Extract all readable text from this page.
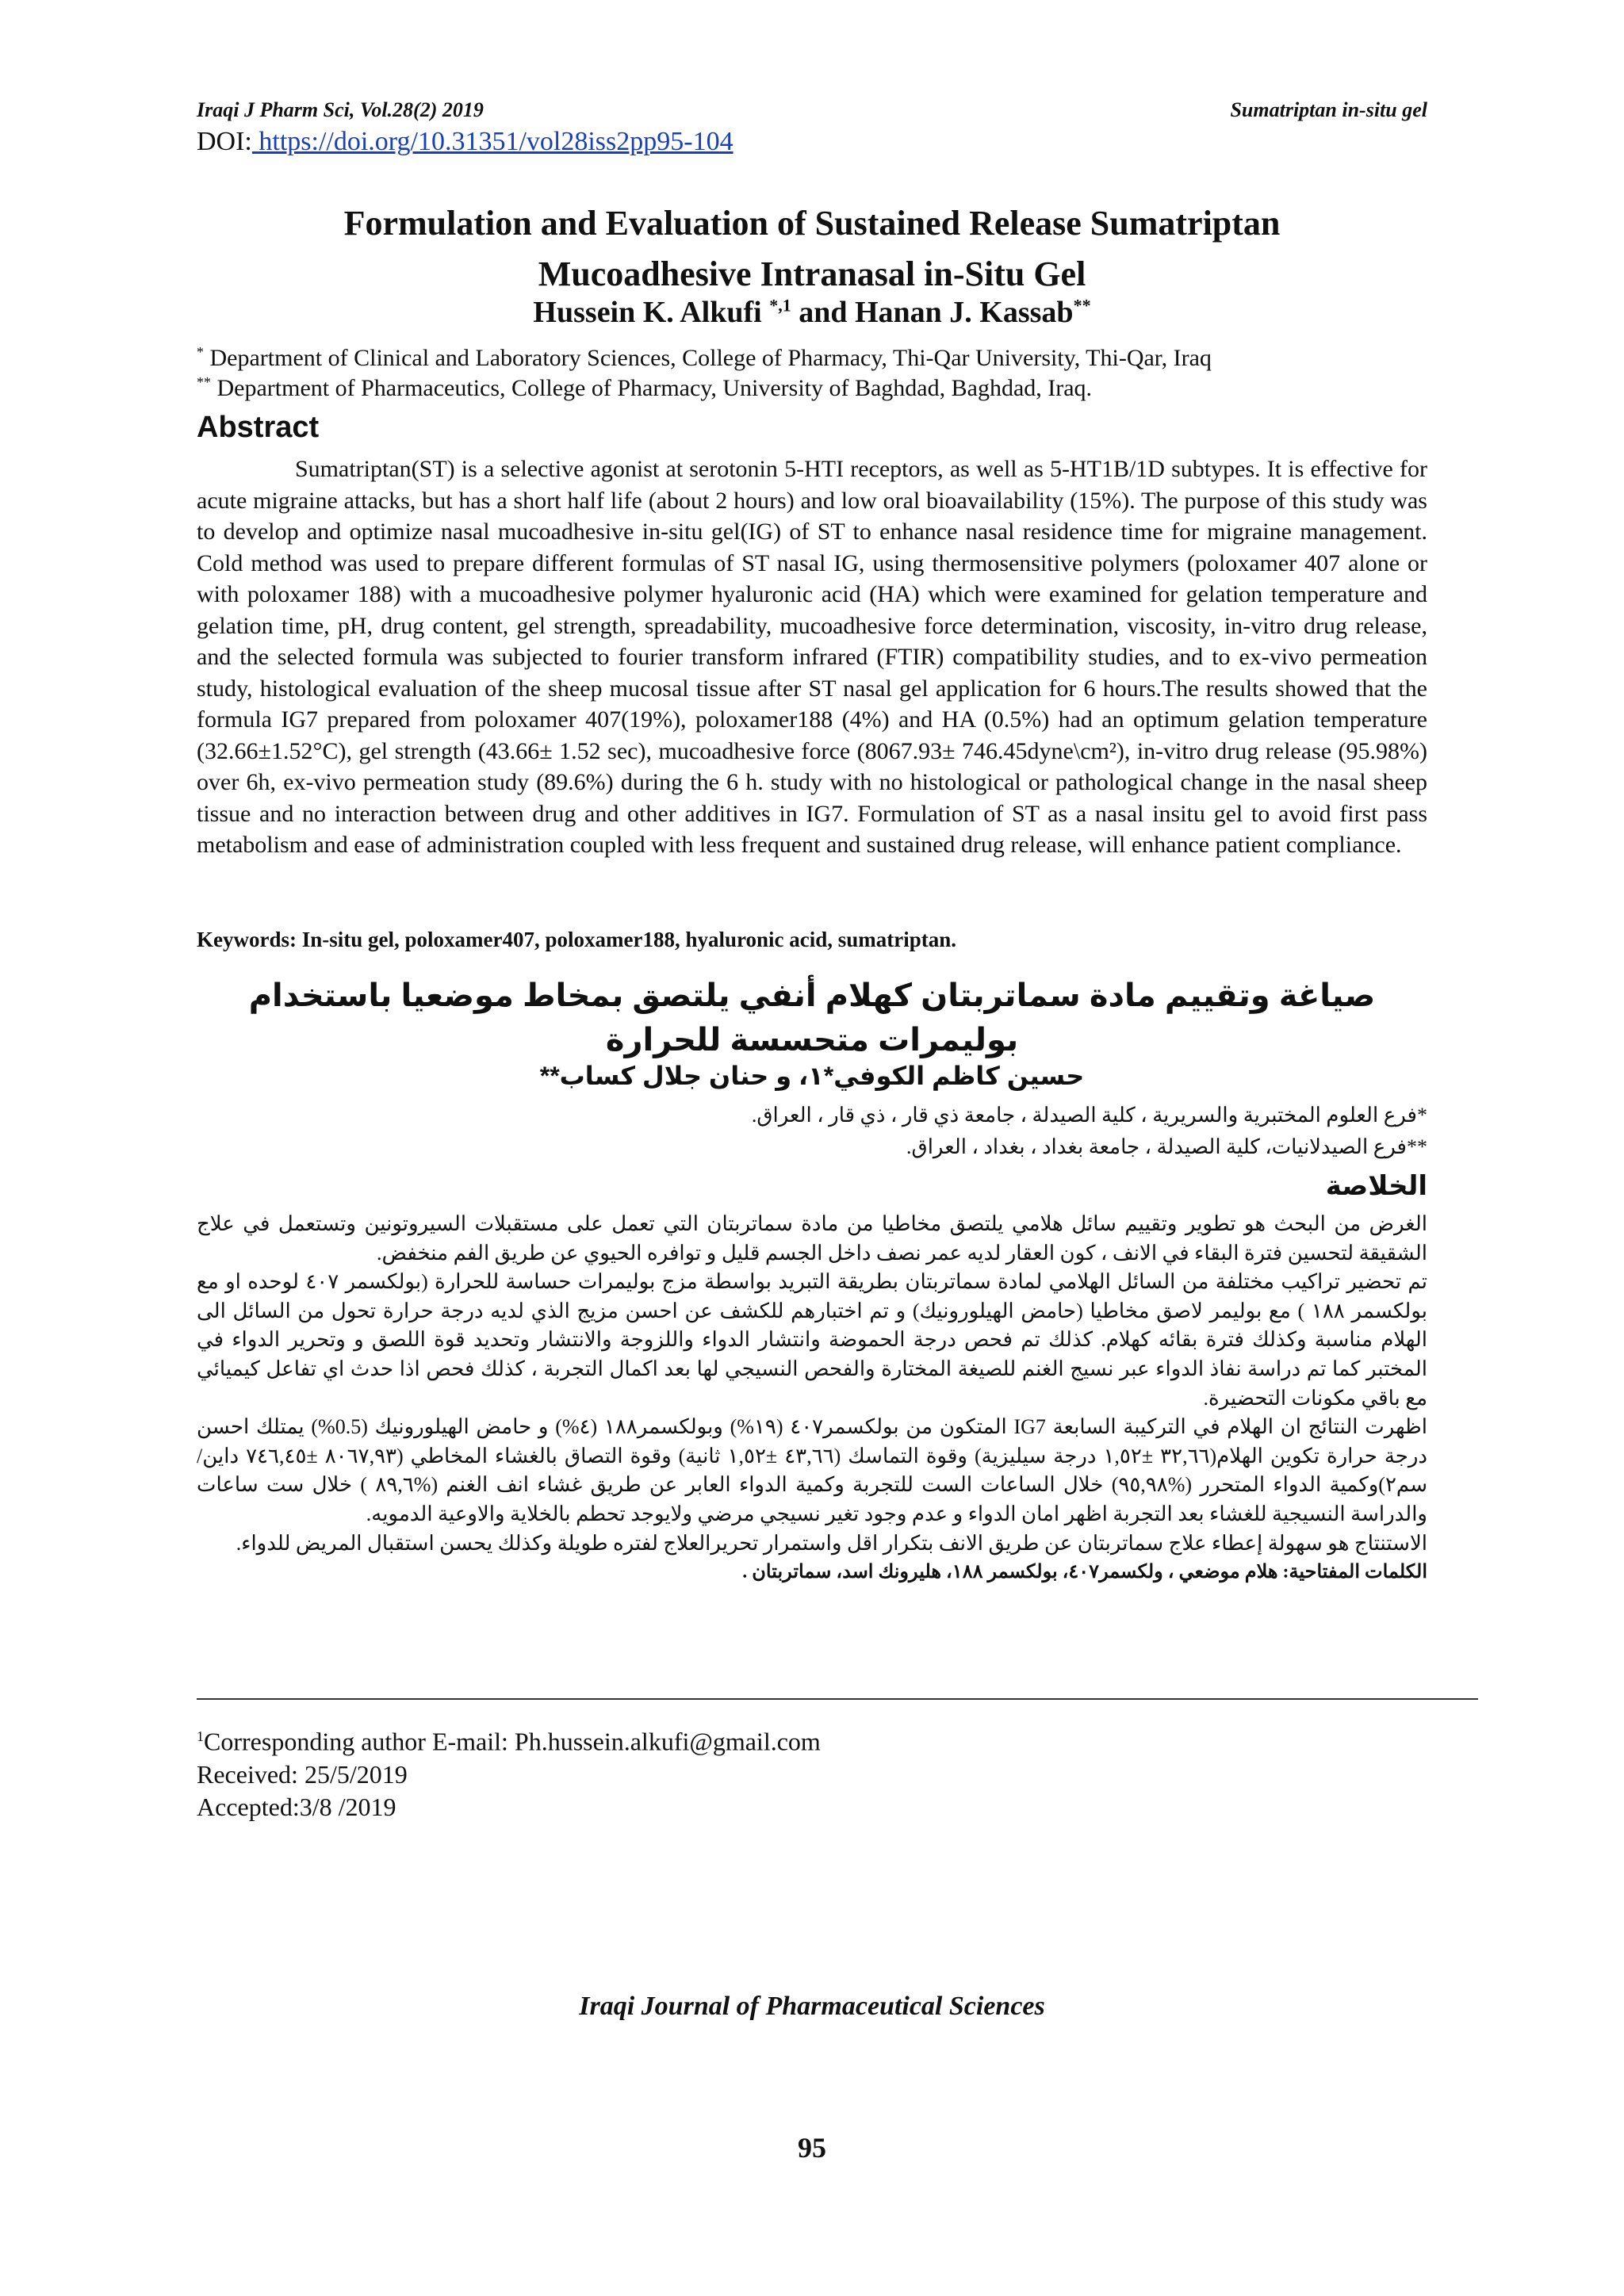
Iraqi J Pharm Sci, Vol.28(2) 2019	Sumatriptan in-situ gel
DOI: https://doi.org/10.31351/vol28iss2pp95-104
Formulation and Evaluation of Sustained Release Sumatriptan
Mucoadhesive Intranasal in-Situ Gel
Hussein K. Alkufi $^{*,1}$ and Hanan J. Kassab**
* Department of Clinical and Laboratory Sciences, College of Pharmacy, Thi-Qar University, Thi-Qar, Iraq
** Department of Pharmaceutics, College of Pharmacy, University of Baghdad, Baghdad, Iraq.
Abstract

Sumatriptan(ST) is a selective agonist at serotonin 5-HTI receptors, as well as 5-HT1B/1D subtypes. It is effective for acute migraine attacks, but has a short half life (about 2 hours) and low oral bioavailability (15%). The purpose of this study was to develop and optimize nasal mucoadhesive in-situ gel(IG) of ST to enhance nasal residence time for migraine management. Cold method was used to prepare different formulas of ST nasal IG, using thermosensitive polymers (poloxamer 407 alone or with poloxamer 188) with a mucoadhesive polymer hyaluronic acid (HA) which were examined for gelation temperature and gelation time, pH, drug content, gel strength, spreadability, mucoadhesive force determination, viscosity, in-vitro drug release, and the selected formula was subjected to fourier transform infrared (FTIR) compatibility studies, and to ex-vivo permeation study, histological evaluation of the sheep mucosal tissue after ST nasal gel application for 6 hours.The results showed that the formula IG7 prepared from poloxamer 407(19%), poloxamer188 (4%) and HA (0.5%) had an optimum gelation temperature (32.66±1.52°C), gel strength (43.66± 1.52 sec), mucoadhesive force (8067.93± 746.45dyne\cm²), in-vitro drug release (95.98%) over 6h, ex-vivo permeation study (89.6%) during the 6 h. study with no histological or pathological change in the nasal sheep tissue and no interaction between drug and other additives in IG7. Formulation of ST as a nasal insitu gel to avoid first pass metabolism and ease of administration coupled with less frequent and sustained drug release, will enhance patient compliance.

Keywords: In-situ gel, poloxamer407, poloxamer188, hyaluronic acid, sumatriptan.
صياغة وتقييم مادة سماتربتان كهلام أنفي يلتصق بمخاط موضعيا باستخدام بوليمرات متحسسة للحرارة
حسين كاظم الكوفي*١، و حنان جلال كساب**
*فرع العلوم المختبرية والسريرية ، كلية الصيدلة ، جامعة ذي قار ، ذي قار ، العراق.
**فرع الصيدلانيات، كلية الصيدلة ، جامعة بغداد ، بغداد ، العراق.
الخلاصة

الغرض من البحث هو تطوير وتقييم سائل هلامي يلتصق مخاطيا من مادة سماتربتان التي تعمل على مستقبلات السيروتونين وتستعمل في علاج الشقيقة لتحسين فترة البقاء في الانف ، كون العقار لديه عمر نصف داخل الجسم قليل و توافره الحيوي عن طريق الفم منخفض.

تم تحضير تراكيب مختلفة من السائل الهلامي لمادة سماتربتان بطريقة التبريد بواسطة مزج بوليمرات حساسة للحرارة (بولكسمر ٤٠٧ لوحده او مع بولكسمر ١٨٨ ) مع بوليمر لاصق مخاطيا (حامض الهيلورونيك) و تم اختبارهم للكشف عن احسن مزيج الذي لديه درجة حرارة تحول من السائل الى الهلام مناسبة وكذلك فترة بقائه كهلام. كذلك تم فحص درجة الحموضة وانتشار الدواء واللزوجة والانتشار وتحديد قوة اللصق و وتحرير الدواء في المختبر كما تم دراسة نفاذ الدواء عبر نسيج الغنم للصيغة المختارة والفحص النسيجي لها بعد اكمال التجربة ، كذلك فحص اذا حدث اي تفاعل كيميائي مع باقي مكونات التحضيرة.

اظهرت النتائج ان الهلام في التركيبة السابعة IG7 المتكون من بولكسمر٤٠٧ (١٩%) وبولكسمر١٨٨ (٤%) و حامض الهيلورونيك (0.5%) يمتلك احسن درجة حرارة تكوين الهلام(٣٢,٦٦ ±١,٥٢ درجة سيليزية) وقوة التماسك (٤٣,٦٦ ±١,٥٢ ثانية) وقوة التصاق بالغشاء المخاطي (٨٠٦٧,٩٣ ±٧٤٦,٤٥ داين/سم٢)وكمية الدواء المتحرر (%٩٥,٩٨) خلال الساعات الست للتجربة وكمية الدواء العابر عن طريق غشاء انف الغنم (%٨٩,٦ ) خلال ست ساعات والدراسة النسيجية للغشاء بعد التجربة اظهر امان الدواء و عدم وجود تغير نسيجي مرضي ولايوجد تحطم بالخلاية والاوعية الدمويه.

الاستنتاج هو سهولة إعطاء علاج سماتربتان عن طريق الانف بتكرار اقل واستمرار تحريرالعلاج لفتره طويلة وكذلك يحسن استقبال المريض للدواء.

الكلمات المفتاحية: هلام موضعي ، ولكسمر٤٠٧، بولكسمر ١٨٨، هليرونك اسد، سماتربتان .

$^1$Corresponding author E-mail: Ph.hussein.alkufi@gmail.com
Received: 25/5/2019
Accepted:3/8 /2019
Iraqi Journal of Pharmaceutical Sciences
95
